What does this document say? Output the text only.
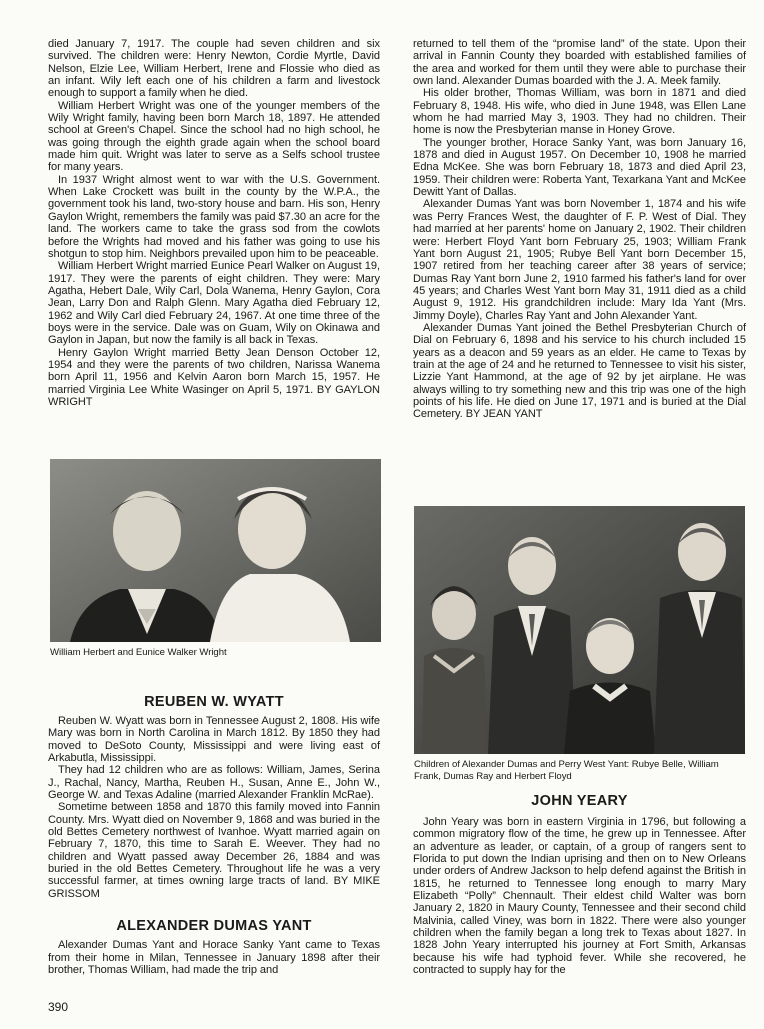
died January 7, 1917. The couple had seven children and six survived. The children were: Henry Newton, Cordie Myrtle, David Nelson, Elzie Lee, William Herbert, Irene and Flossie who died as an infant. Wily left each one of his children a farm and livestock enough to support a family when he died.

William Herbert Wright was one of the younger members of the Wily Wright family, having been born March 18, 1897. He attended school at Green's Chapel. Since the school had no high school, he was going through the eighth grade again when the school board made him quit. Wright was later to serve as a Selfs school trustee for many years.

In 1937 Wright almost went to war with the U.S. Government. When Lake Crockett was built in the county by the W.P.A., the government took his land, two-story house and barn. His son, Henry Gaylon Wright, remembers the family was paid $7.30 an acre for the land. The workers came to take the grass sod from the cowlots before the Wrights had moved and his father was going to use his shotgun to stop him. Neighbors prevailed upon him to be peaceable.

William Herbert Wright married Eunice Pearl Walker on August 19, 1917. They were the parents of eight children. They were: Mary Agatha, Hebert Dale, Wily Carl, Dola Wanema, Henry Gaylon, Cora Jean, Larry Don and Ralph Glenn. Mary Agatha died February 12, 1962 and Wily Carl died February 24, 1967. At one time three of the boys were in the service. Dale was on Guam, Wily on Okinawa and Gaylon in Japan, but now the family is all back in Texas.

Henry Gaylon Wright married Betty Jean Denson October 12, 1954 and they were the parents of two children, Narissa Wanema born April 11, 1956 and Kelvin Aaron born March 15, 1957. He married Virginia Lee White Wasinger on April 5, 1971. BY GAYLON WRIGHT

William Herbert and Eunice Walker Wright

REUBEN W. WYATT

Reuben W. Wyatt was born in Tennessee August 2, 1808. His wife Mary was born in North Carolina in March 1812. By 1850 they had moved to DeSoto County, Mississippi and were living east of Arkabutla, Mississippi.

They had 12 children who are as follows: William, James, Serina J., Rachal, Nancy, Martha, Reuben H., Susan, Anne E., John W., George W. and Texas Adaline (married Alexander Franklin McRae).

Sometime between 1858 and 1870 this family moved into Fannin County. Mrs. Wyatt died on November 9, 1868 and was buried in the old Bettes Cemetery northwest of Ivanhoe. Wyatt married again on February 7, 1870, this time to Sarah E. Weever. They had no children and Wyatt passed away December 26, 1884 and was buried in the old Bettes Cemetery. Throughout life he was a very successful farmer, at times owning large tracts of land. BY MIKE GRISSOM

ALEXANDER DUMAS YANT

Alexander Dumas Yant and Horace Sanky Yant came to Texas from their home in Milan, Tennessee in January 1898 after their brother, Thomas William, had made the trip and

returned to tell them of the “promise land” of the state. Upon their arrival in Fannin County they boarded with established families of the area and worked for them until they were able to purchase their own land. Alexander Dumas boarded with the J. A. Meek family.

His older brother, Thomas William, was born in 1871 and died February 8, 1948. His wife, who died in June 1948, was Ellen Lane whom he had married May 3, 1903. They had no children. Their home is now the Presbyterian manse in Honey Grove.

The younger brother, Horace Sanky Yant, was born January 16, 1878 and died in August 1957. On December 10, 1908 he married Edna McKee. She was born February 18, 1873 and died April 23, 1959. Their children were: Roberta Yant, Texarkana Yant and McKee Dewitt Yant of Dallas.

Alexander Dumas Yant was born November 1, 1874 and his wife was Perry Frances West, the daughter of F. P. West of Dial. They had married at her parents' home on January 2, 1902. Their children were: Herbert Floyd Yant born February 25, 1903; William Frank Yant born August 21, 1905; Rubye Bell Yant born December 15, 1907 retired from her teaching career after 38 years of service; Dumas Ray Yant born June 2, 1910 farmed his father's land for over 45 years; and Charles West Yant born May 31, 1911 died as a child August 9, 1912. His grandchildren include: Mary Ida Yant (Mrs. Jimmy Doyle), Charles Ray Yant and John Alexander Yant.

Alexander Dumas Yant joined the Bethel Presbyterian Church of Dial on February 6, 1898 and his service to his church included 15 years as a deacon and 59 years as an elder. He came to Texas by train at the age of 24 and he returned to Tennessee to visit his sister, Lizzie Yant Hammond, at the age of 92 by jet airplane. He was always willing to try something new and this trip was one of the high points of his life. He died on June 17, 1971 and is buried at the Dial Cemetery. BY JEAN YANT

Children of Alexander Dumas and Perry West Yant: Rubye Belle, William Frank, Dumas Ray and Herbert Floyd

JOHN YEARY

John Yeary was born in eastern Virginia in 1796, but following a common migratory flow of the time, he grew up in Tennessee. After an adventure as leader, or captain, of a group of rangers sent to Florida to put down the Indian uprising and then on to New Orleans under orders of Andrew Jackson to help defend against the British in 1815, he returned to Tennessee long enough to marry Mary Elizabeth “Polly” Chennault. Their eldest child Walter was born January 2, 1820 in Maury County, Tennessee and their second child Malvinia, called Viney, was born in 1822. There were also younger children when the family began a long trek to Texas about 1827. In 1828 John Yeary interrupted his journey at Fort Smith, Arkansas because his wife had typhoid fever. While she recovered, he contracted to supply hay for the

390
